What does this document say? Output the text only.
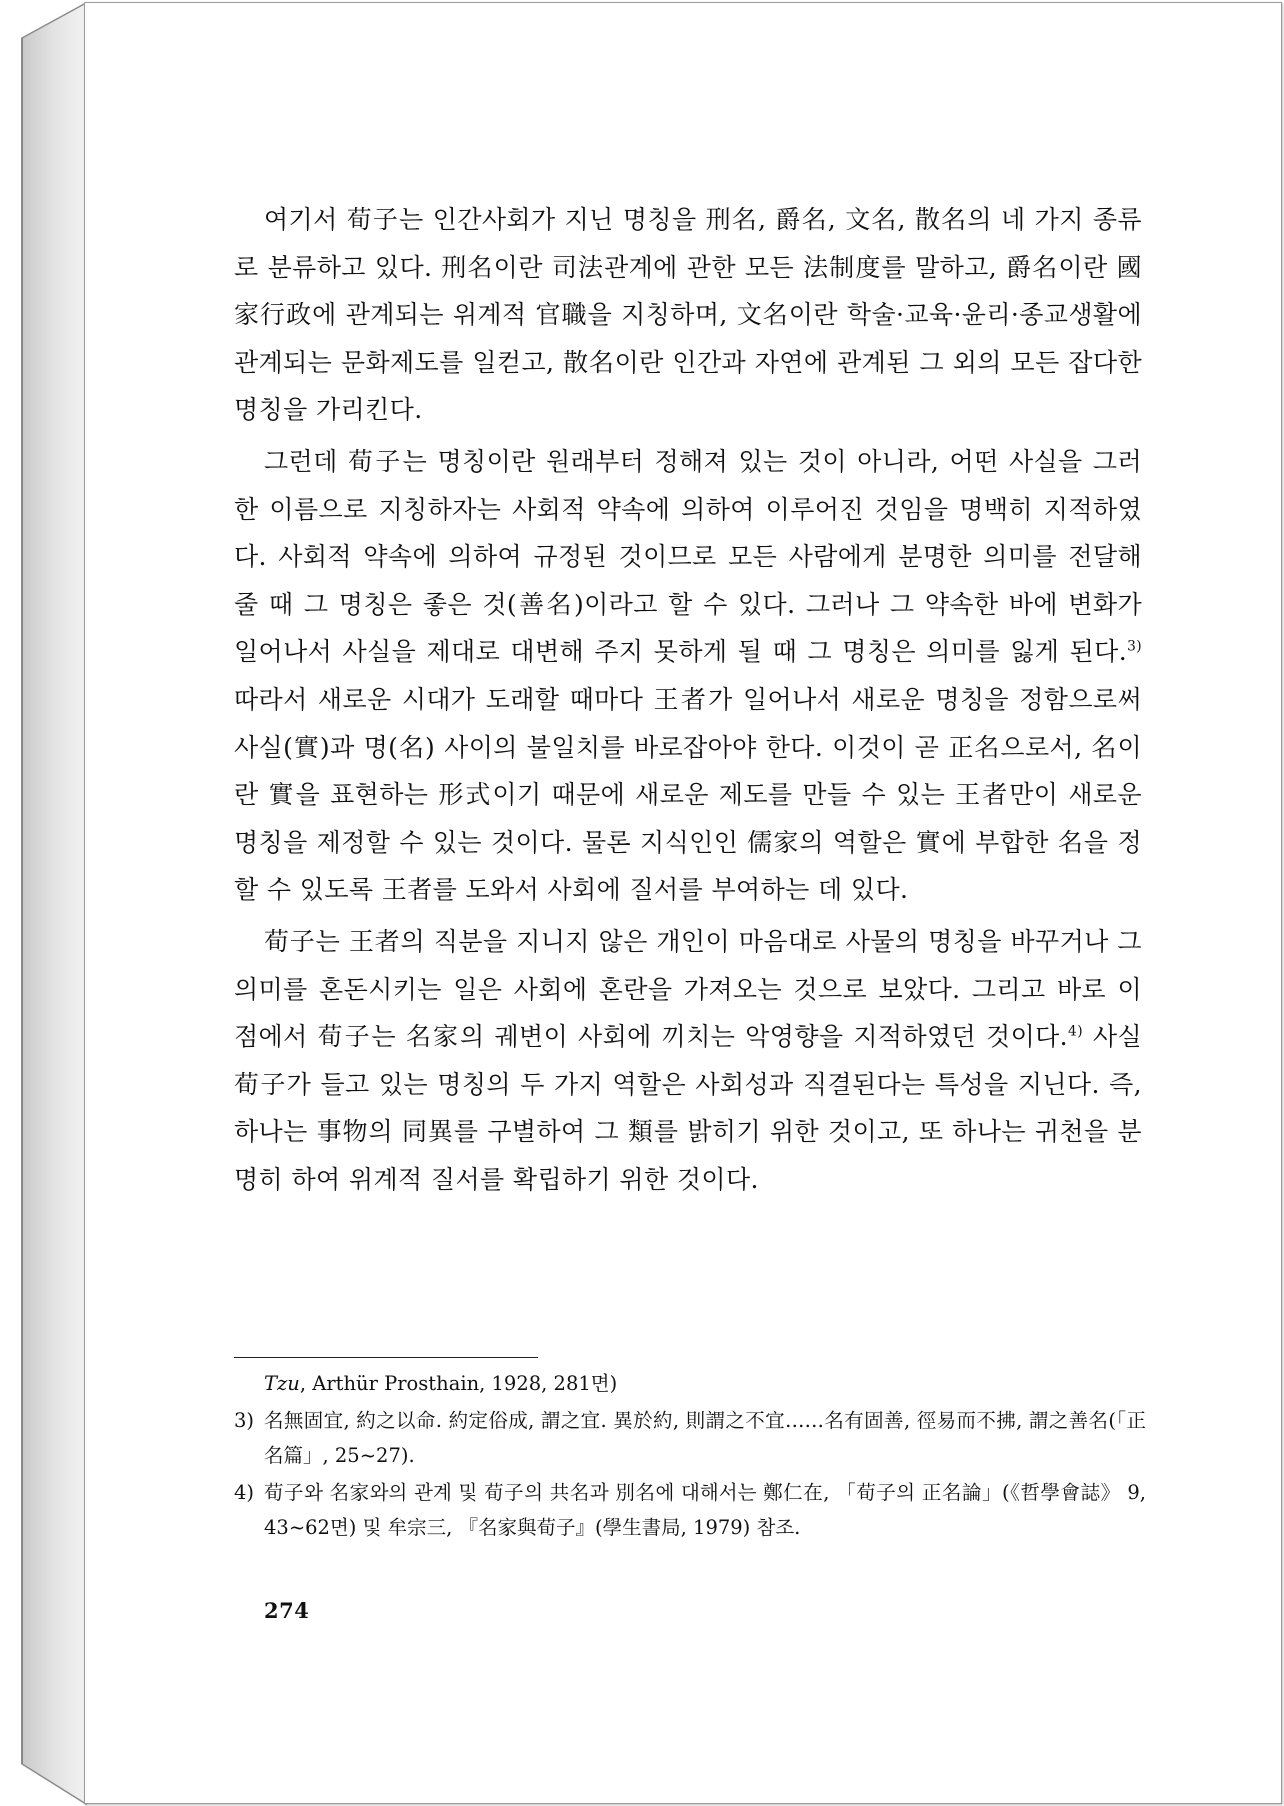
여기서 荀子는 인간사회가 지닌 명칭을 刑名, 爵名, 文名, 散名의 네 가지 종류로 분류하고 있다. 刑名이란 司法관계에 관한 모든 法制度를 말하고, 爵名이란 國家行政에 관계되는 위계적 官職을 지칭하며, 文名이란 학술·교육·윤리·종교생활에 관계되는 문화제도를 일컫고, 散名이란 인간과 자연에 관계된 그 외의 모든 잡다한 명칭을 가리킨다.

그런데 荀子는 명칭이란 원래부터 정해져 있는 것이 아니라, 어떤 사실을 그러한 이름으로 지칭하자는 사회적 약속에 의하여 이루어진 것임을 명백히 지적하였다. 사회적 약속에 의하여 규정된 것이므로 모든 사람에게 분명한 의미를 전달해 줄 때 그 명칭은 좋은 것(善名)이라고 할 수 있다. 그러나 그 약속한 바에 변화가 일어나서 사실을 제대로 대변해 주지 못하게 될 때 그 명칭은 의미를 잃게 된다.$^{3)}$ 따라서 새로운 시대가 도래할 때마다 王者가 일어나서 새로운 명칭을 정함으로써 사실(實)과 명(名) 사이의 불일치를 바로잡아야 한다. 이것이 곧 正名으로서, 名이란 實을 표현하는 形式이기 때문에 새로운 제도를 만들 수 있는 王者만이 새로운 명칭을 제정할 수 있는 것이다. 물론 지식인인 儒家의 역할은 實에 부합한 名을 정할 수 있도록 王者를 도와서 사회에 질서를 부여하는 데 있다.

荀子는 王者의 직분을 지니지 않은 개인이 마음대로 사물의 명칭을 바꾸거나 그 의미를 혼돈시키는 일은 사회에 혼란을 가져오는 것으로 보았다. 그리고 바로 이 점에서 荀子는 名家의 궤변이 사회에 끼치는 악영향을 지적하였던 것이다.$^{4)}$ 사실 荀子가 들고 있는 명칭의 두 가지 역할은 사회성과 직결된다는 특성을 지닌다. 즉, 하나는 事物의 同異를 구별하여 그 類를 밝히기 위한 것이고, 또 하나는 귀천을 분명히 하여 위계적 질서를 확립하기 위한 것이다.

Tzu, Arthür Prosthain, 1928, 281면)
3) 名無固宜, 約之以命. 約定俗成, 謂之宜. 異於約, 則謂之不宜……名有固善, 徑易而不拂, 謂之善名(「正名篇」, 25~27).
4) 荀子와 名家와의 관계 및 荀子의 共名과 別名에 대해서는 鄭仁在, 「荀子의 正名論」(《哲學會誌》 9, 43~62면) 및 牟宗三, 『名家與荀子』(學生書局, 1979) 참조.
274
